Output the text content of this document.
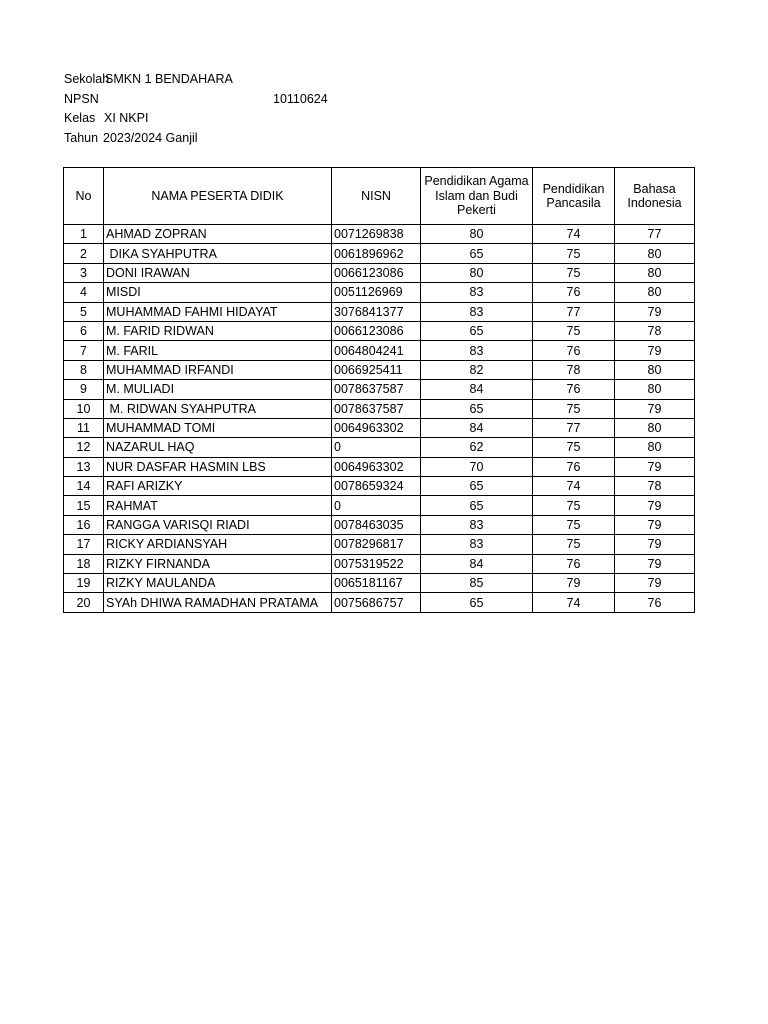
Sekolah
SMKN 1 BENDAHARA
NPSN	10110624
Kelas XI NKPI
Tahun 2023/2024 Ganjil
No	NAMA PESERTA DIDIK	NISN	Pendidikan Agama Islam dan Budi Pekerti	Pendidikan Pancasila	Bahasa Indonesia
1	AHMAD ZOPRAN	0071269838	80	74	77
2	DIKA SYAHPUTRA	0061896962	65	75	80
3	DONI IRAWAN	0066123086	80	75	80
4	MISDI	0051126969	83	76	80
5	MUHAMMAD FAHMI HIDAYAT	3076841377	83	77	79
6	M. FARID RIDWAN	0066123086	65	75	78
7	M. FARIL	0064804241	83	76	79
8	MUHAMMAD IRFANDI	0066925411	82	78	80
9	M. MULIADI	0078637587	84	76	80
10	M. RIDWAN SYAHPUTRA	0078637587	65	75	79
11	MUHAMMAD TOMI	0064963302	84	77	80
12	NAZARUL HAQ	0	62	75	80
13	NUR DASFAR HASMIN LBS	0064963302	70	76	79
14	RAFI ARIZKY	0078659324	65	74	78
15	RAHMAT	0	65	75	79
16	RANGGA VARISQI RIADI	0078463035	83	75	79
17	RICKY ARDIANSYAH	0078296817	83	75	79
18	RIZKY FIRNANDA	0075319522	84	76	79
19	RIZKY MAULANDA	0065181167	85	79	79
20	SYAh DHIWA RAMADHAN PRATAMA	0075686757	65	74	76
